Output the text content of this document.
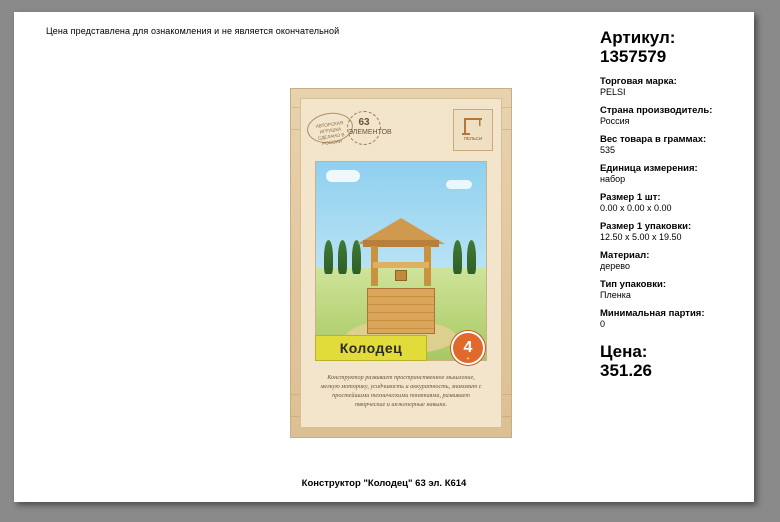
Цена представлена для ознакомления и не является окончательной
АВТОРСКАЯ ИГРУШКА СДЕЛАНО В РОССИИ
63
ЭЛЕМЕНТОВ
ПЕЛЬСИ
Колодец	4
+
Конструктор развивает пространственное мышление, мелкую моторику, усидчивость и аккуратность, знакомит с простейшими техническими понятиями, развивает творческие и инженерные навыки.
Артикул:
1357579
Торговая марка:
PELSI
Страна производитель:
Россия
Вес товара в граммах:
535
Единица измерения:
набор
Размер 1 шт:
0.00 x 0.00 x 0.00
Размер 1 упаковки:
12.50 x 5.00 x 19.50
Материал:
дерево
Тип упаковки:
Пленка
Минимальная партия:
0
Цена:
351.26
Конструктор "Колодец" 63 эл. К614
